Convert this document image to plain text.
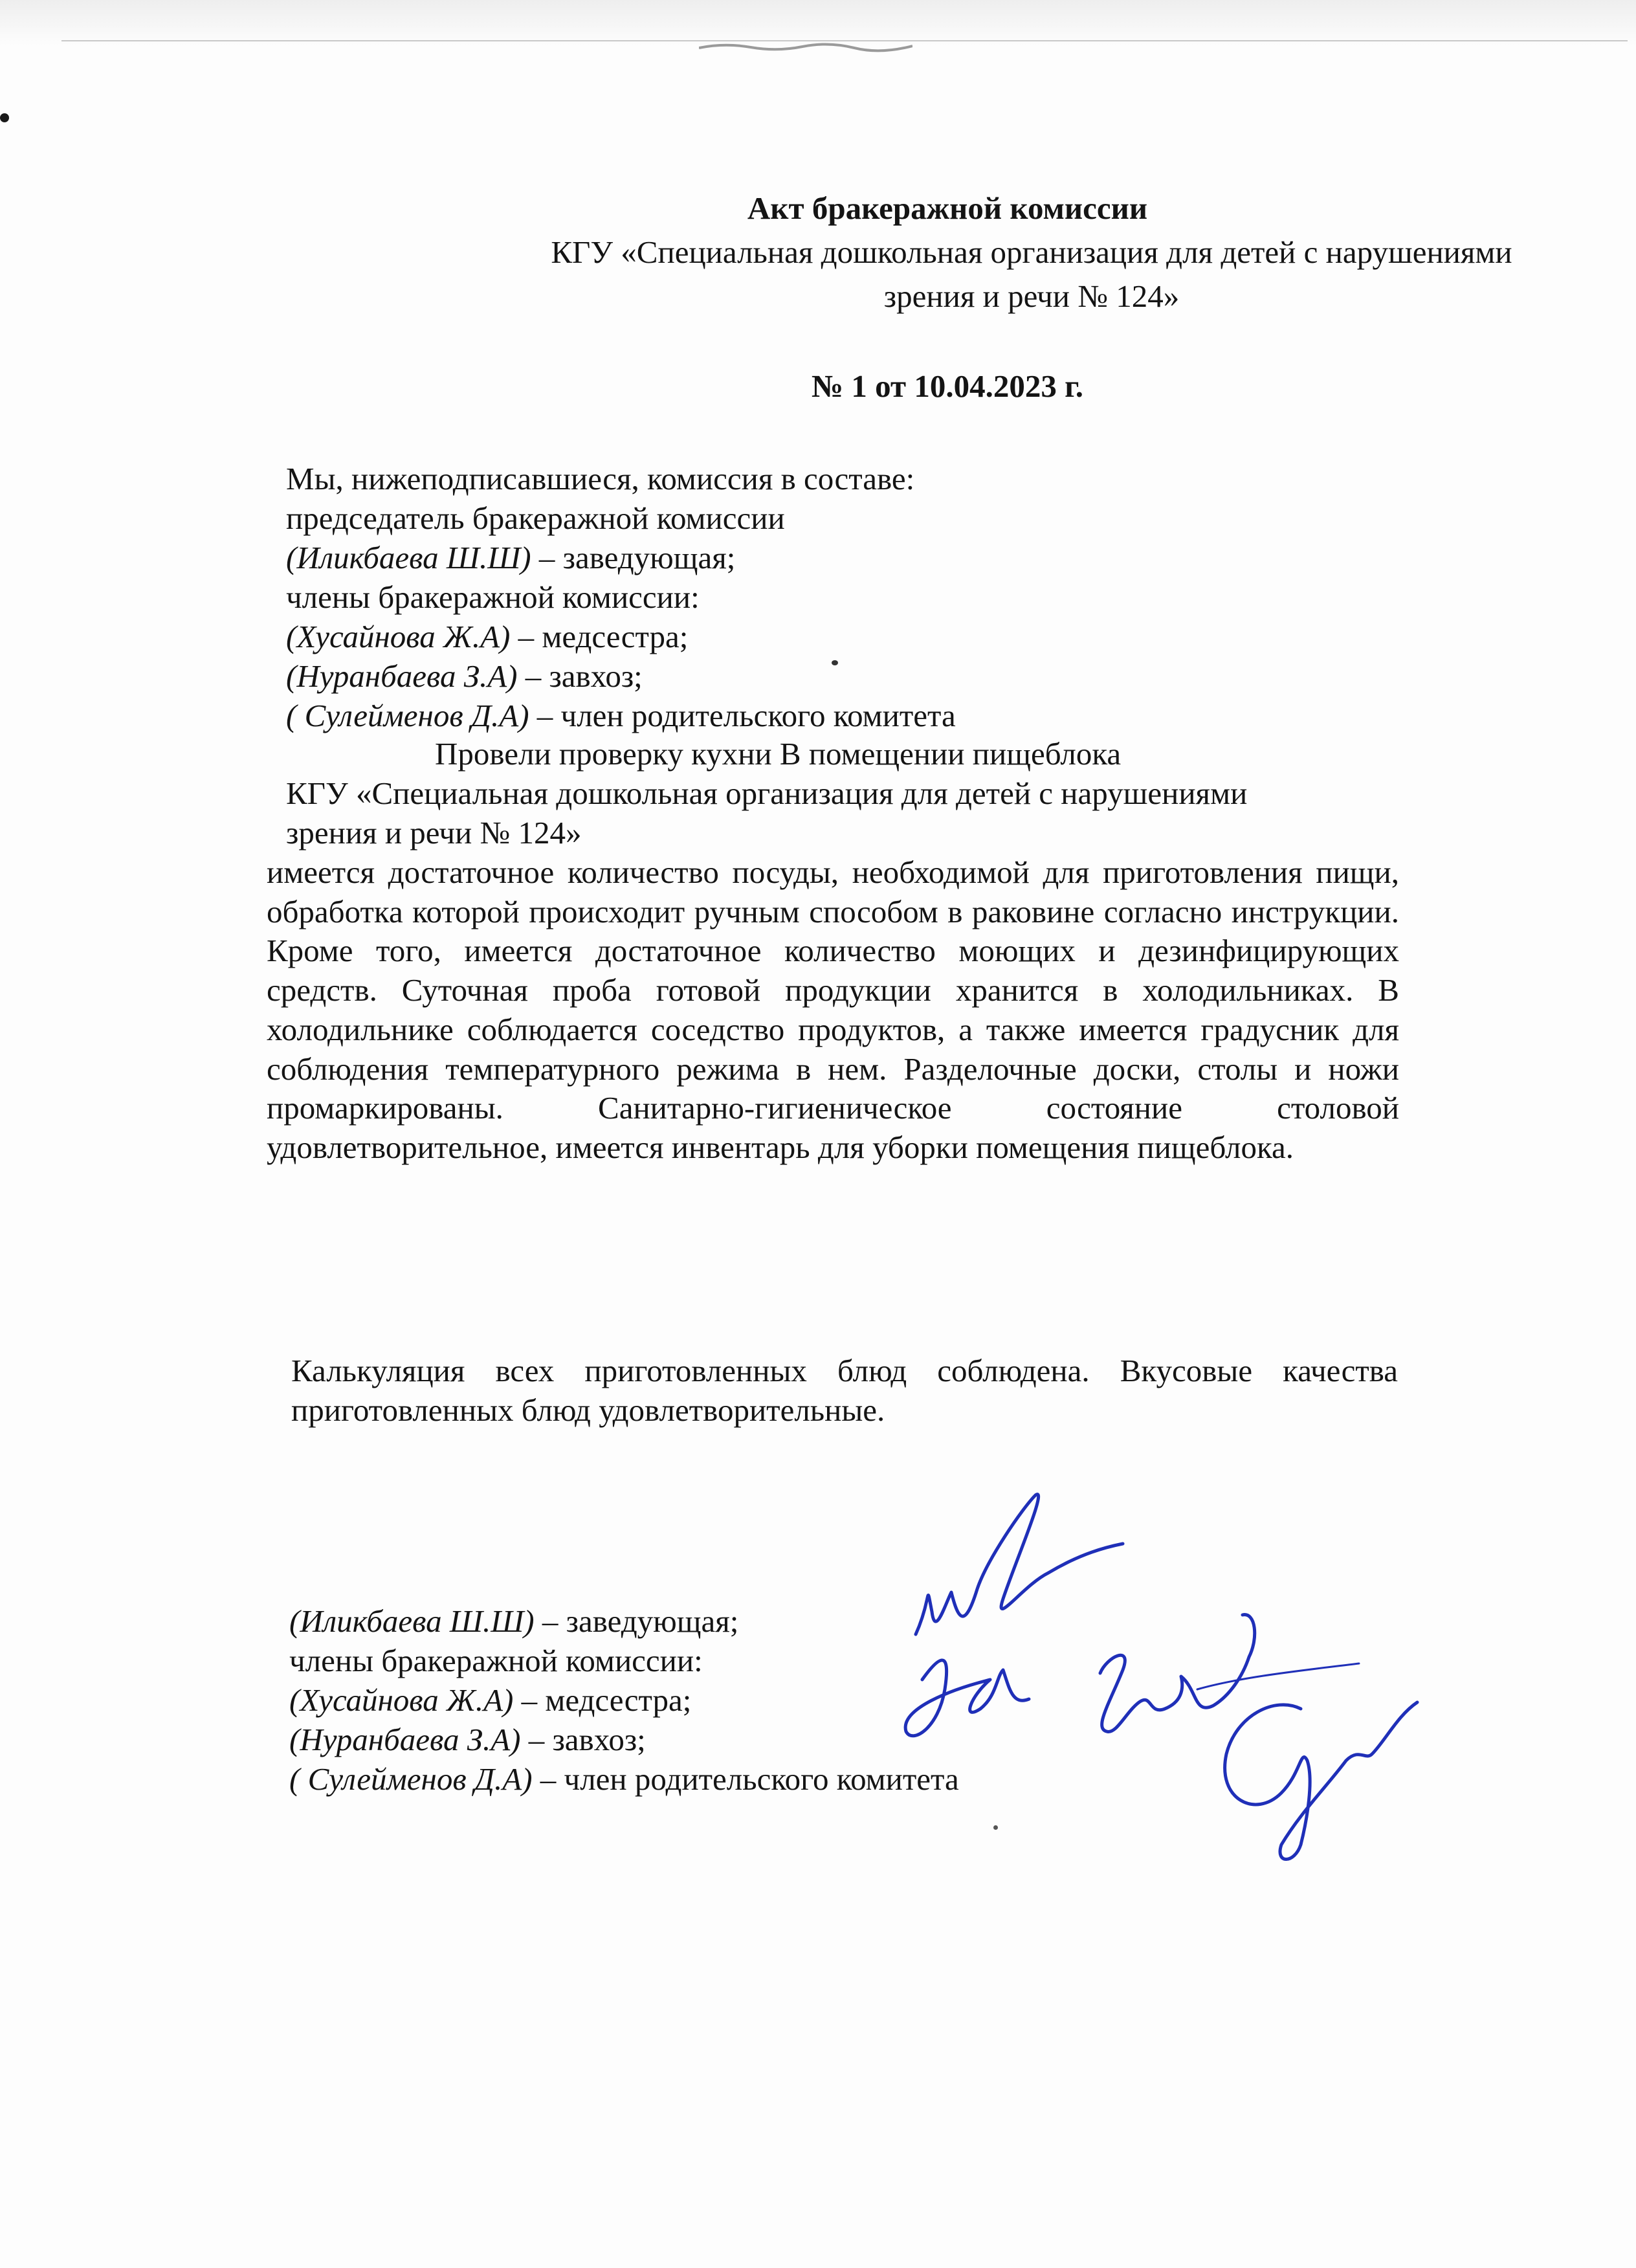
Акт бракеражной комиссии
КГУ «Специальная дошкольная организация для детей с нарушениями
зрения и речи № 124»
№ 1 от 10.04.2023 г.
Мы, нижеподписавшиеся, комиссия в составе:
председатель бракеражной комиссии
(Иликбаева Ш.Ш) – заведующая;
члены бракеражной комиссии:
(Хусайнова Ж.А) – медсестра;
(Нуранбаева З.А) – завхоз;
( Сулейменов Д.А) – член родительского комитета
Провели проверку кухни В помещении пищеблока
КГУ «Специальная дошкольная организация для детей с нарушениями
зрения и речи № 124»

имеется достаточное количество посуды, необходимой для приготовления пищи, обработка которой происходит ручным способом в раковине согласно инструкции. Кроме того, имеется достаточное количество моющих и дезинфицирующих средств. Суточная проба готовой продукции хранится в холодильниках. В холодильнике соблюдается соседство продуктов, а также имеется градусник для соблюдения температурного режима в нем. Разделочные доски, столы и ножи промаркированы. Санитарно-гигиеническое состояние столовой удовлетворительное, имеется инвентарь для уборки помещения пищеблока.

Калькуляция всех приготовленных блюд соблюдена. Вкусовые качества приготовленных блюд удовлетворительные.

(Иликбаева Ш.Ш) – заведующая;
члены бракеражной комиссии:
(Хусайнова Ж.А) – медсестра;
(Нуранбаева З.А) – завхоз;
( Сулейменов Д.А) – член родительского комитета
